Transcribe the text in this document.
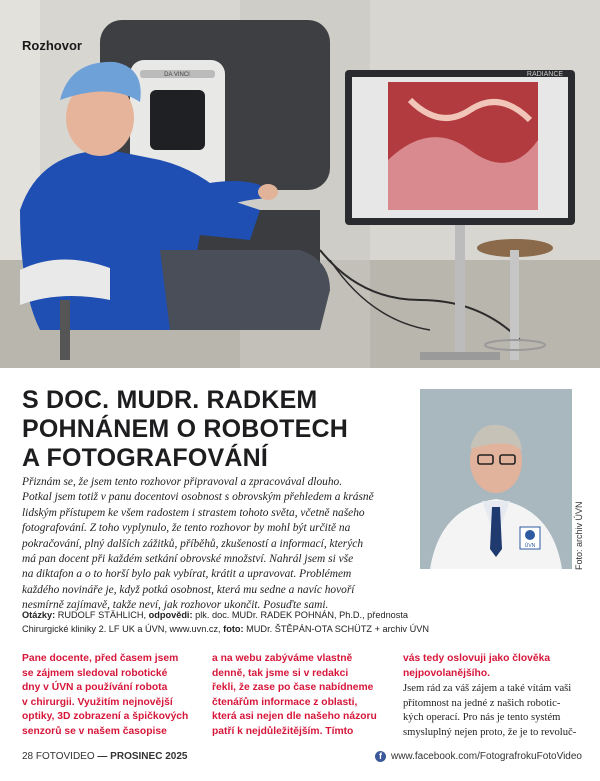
DA VINCI	RADIANCE
Rozhovor
S DOC. MUDR. RADKEM
POHNÁNEM O ROBOTECH
A FOTOGRAFOVÁNÍ
ÚVN	Foto: archiv ÚVN
Přiznám se, že jsem tento rozhovor připravoval a zpracovával dlouho.
Potkal jsem totiž v panu docentovi osobnost s obrovským přehledem a krásně
lidským přístupem ke všem radostem i strastem tohoto světa, včetně našeho
fotografování. Z toho vyplynulo, že tento rozhovor by mohl být určitě na
pokračování, plný dalších zážitků, příběhů, zkušeností a informací, kterých
má pan docent při každém setkání obrovské množství. Nahrál jsem si vše
na diktafon a o to horší bylo pak vybírat, krátit a upravovat. Problémem
každého novináře je, když potká osobnost, která mu sedne a navíc hovoří
nesmírně zajímavě, takže neví, jak rozhovor ukončit. Posuďte sami.
Otázky: RUDOLF STÄHLICH, odpovědi: plk. doc. MUDr. RADEK POHNÁN, Ph.D., přednosta
Chirurgické kliniky 2. LF UK a ÚVN, www.uvn.cz, foto: MUDr. ŠTĚPÁN-OTA SCHÜTZ + archiv ÚVN
Pane docente, před časem jsem
se zájmem sledoval robotické
dny v ÚVN a používání robota
v chirurgii. Využitím nejnovější
optiky, 3D zobrazení a špičkových
senzorů se v našem časopise
a na webu zabýváme vlastně
denně, tak jsme si v redakci
řekli, že zase po čase nabídneme
čtenářům informace z oblasti,
která asi nejen dle našeho názoru
patří k nejdůležitějším. Tímto
vás tedy oslovuji jako člověka
nejpovolanějšího.
Jsem rád za váš zájem a také vítám vaši
přítomnost na jedné z našich robotic-
kých operací. Pro nás je tento systém
smysluplný nejen proto, že je to revoluč-
28 FOTOVIDEO — PROSINEC 2025	f www.facebook.com/FotografrokuFotoVideo
